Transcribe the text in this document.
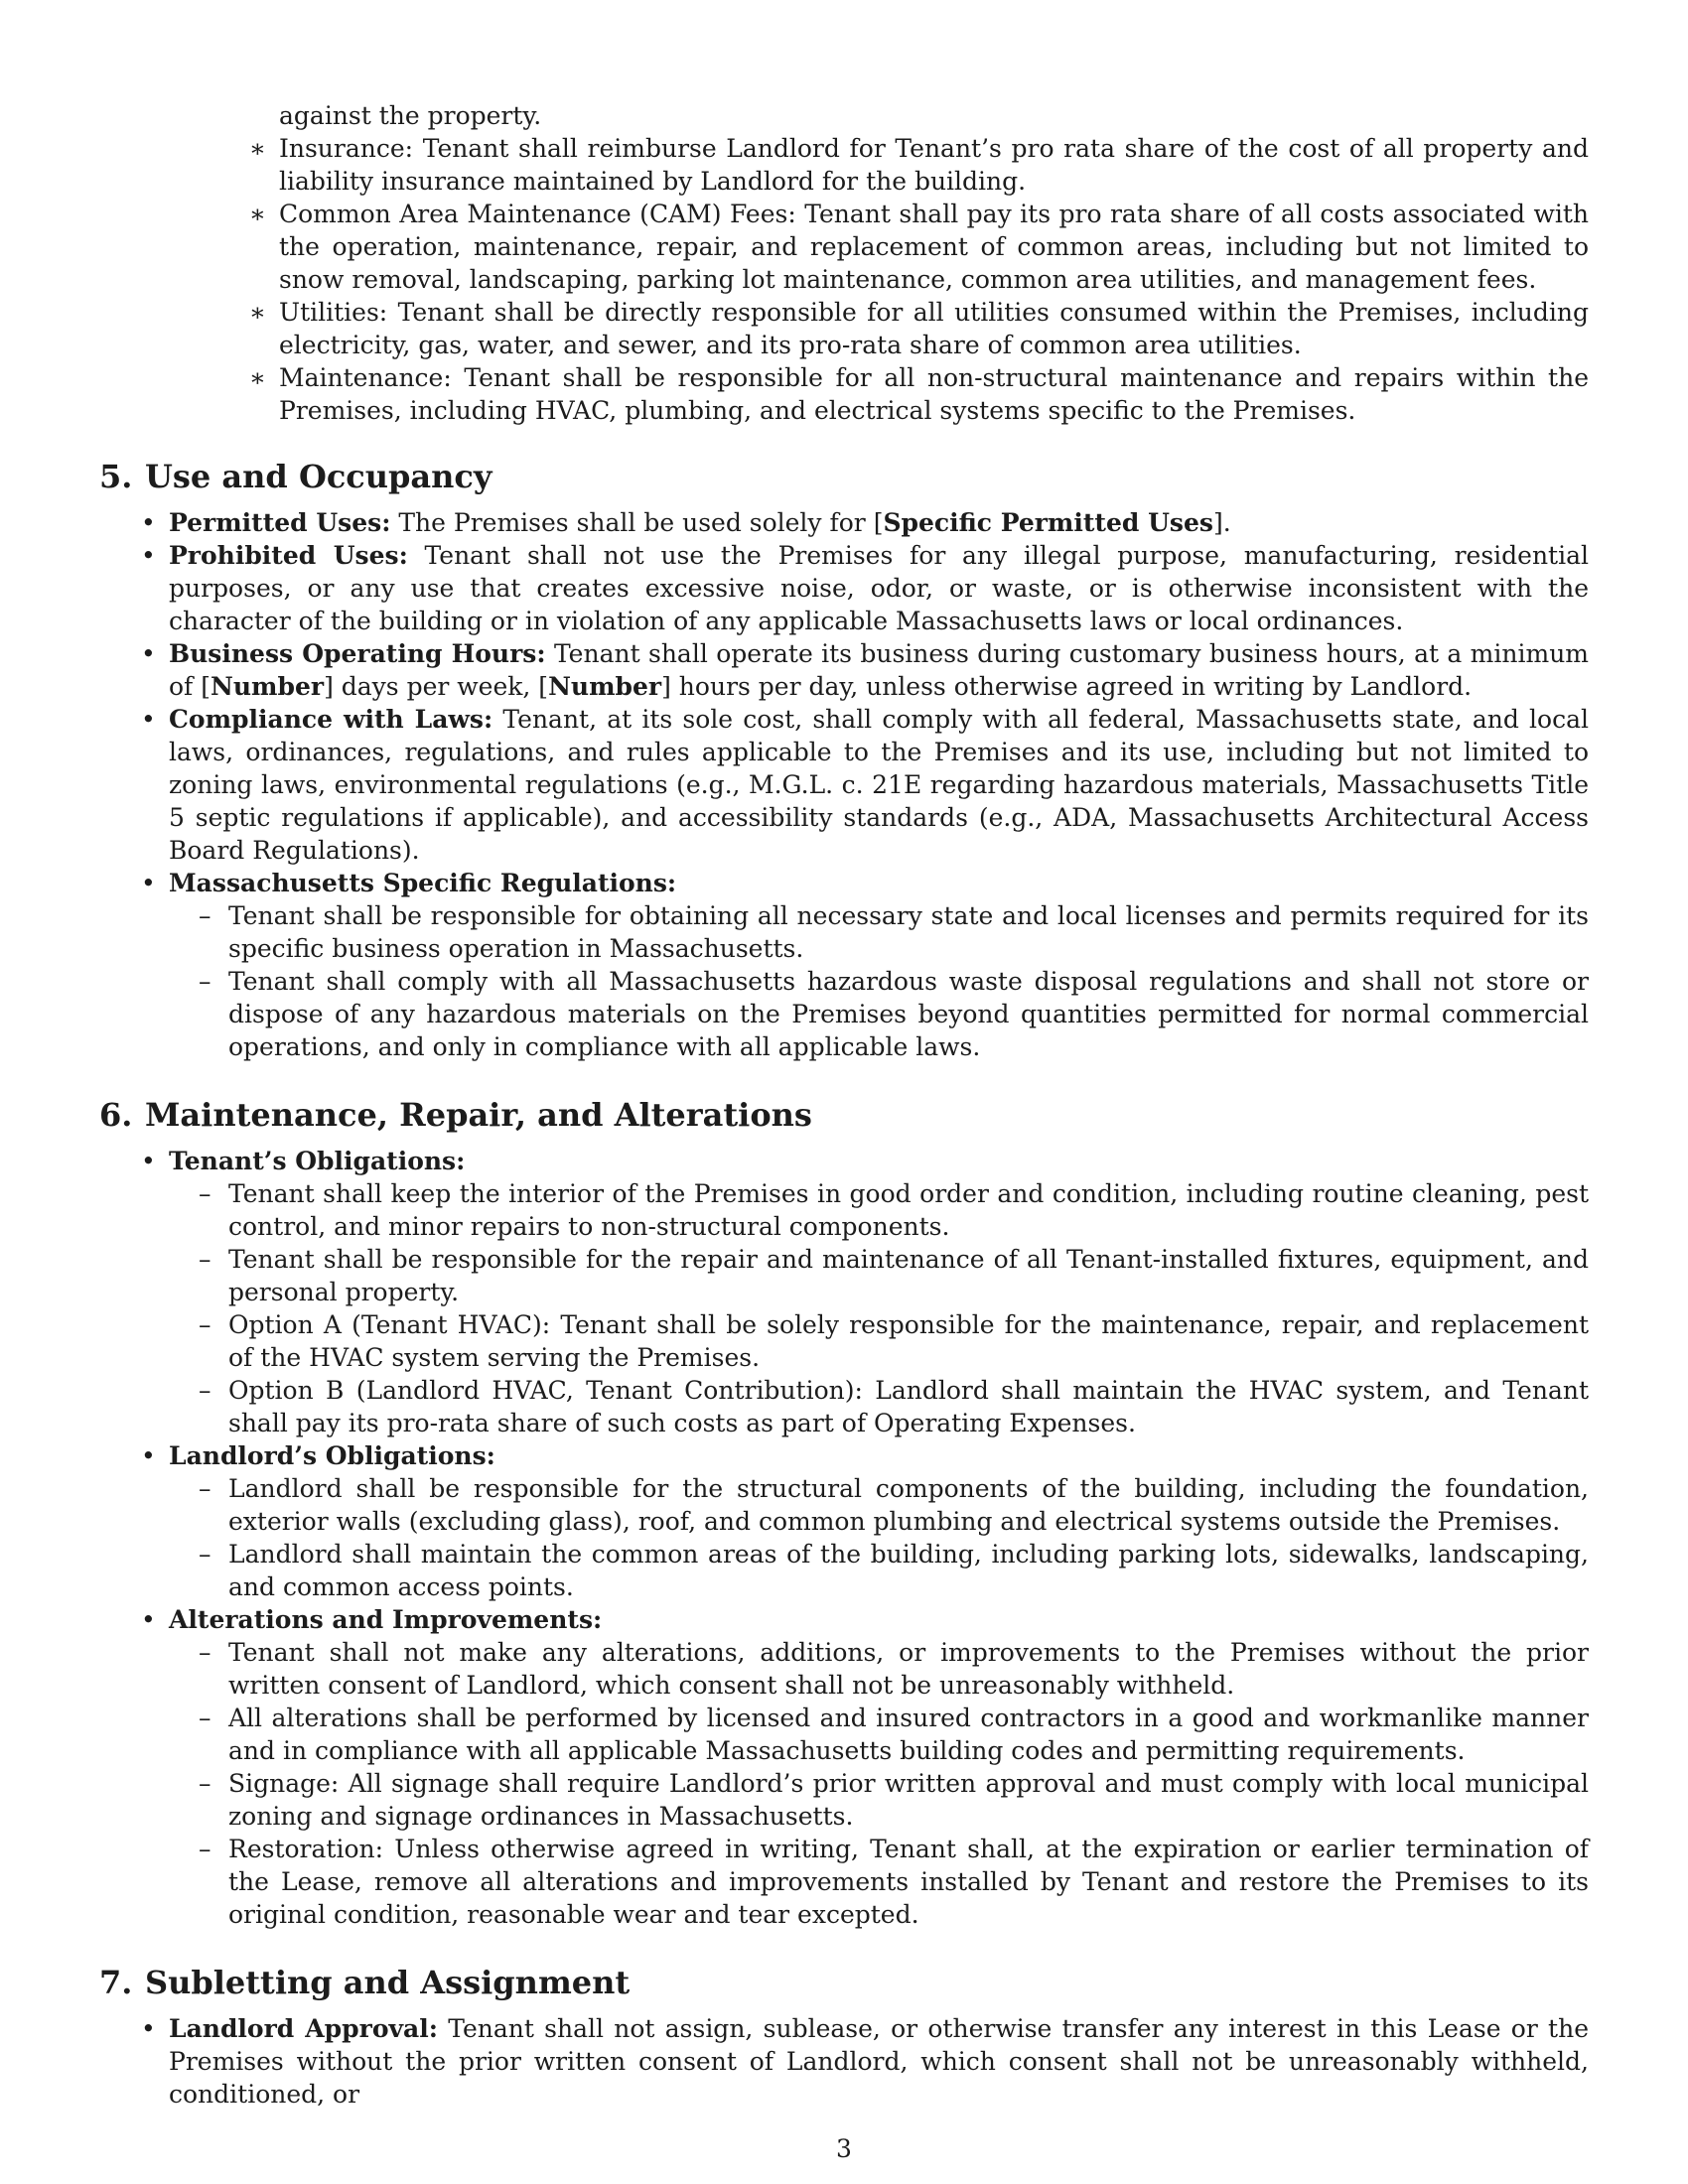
against the property.

∗ Insurance: Tenant shall reimburse Landlord for Tenant’s pro rata share of the cost of all property and liability insurance maintained by Landlord for the building.
∗ Common Area Maintenance (CAM) Fees: Tenant shall pay its pro rata share of all costs associated with the operation, maintenance, repair, and replacement of common areas, including but not limited to snow removal, landscaping, parking lot maintenance, common area utilities, and management fees.
∗ Utilities: Tenant shall be directly responsible for all utilities consumed within the Premises, including electricity, gas, water, and sewer, and its pro-rata share of common area utilities.
∗ Maintenance: Tenant shall be responsible for all non-structural maintenance and repairs within the Premises, including HVAC, plumbing, and electrical systems specific to the Premises.
5. Use and Occupancy
• Permitted Uses: The Premises shall be used solely for [Specific Permitted Uses].
• Prohibited Uses: Tenant shall not use the Premises for any illegal purpose, manufacturing, residential purposes, or any use that creates excessive noise, odor, or waste, or is otherwise inconsistent with the character of the building or in violation of any applicable Massachusetts laws or local ordinances.
• Business Operating Hours: Tenant shall operate its business during customary business hours, at a minimum of [Number] days per week, [Number] hours per day, unless otherwise agreed in writing by Landlord.
• Compliance with Laws: Tenant, at its sole cost, shall comply with all federal, Massachusetts state, and local laws, ordinances, regulations, and rules applicable to the Premises and its use, including but not limited to zoning laws, environmental regulations (e.g., M.G.L. c. 21E regarding hazardous materials, Massachusetts Title 5 septic regulations if applicable), and accessibility standards (e.g., ADA, Massachusetts Architectural Access Board Regulations).
• Massachusetts Specific Regulations:
– Tenant shall be responsible for obtaining all necessary state and local licenses and permits required for its specific business operation in Massachusetts.
– Tenant shall comply with all Massachusetts hazardous waste disposal regulations and shall not store or dispose of any hazardous materials on the Premises beyond quantities permitted for normal commercial operations, and only in compliance with all applicable laws.
6. Maintenance, Repair, and Alterations
• Tenant’s Obligations:
– Tenant shall keep the interior of the Premises in good order and condition, including routine cleaning, pest control, and minor repairs to non-structural components.
– Tenant shall be responsible for the repair and maintenance of all Tenant-installed fixtures, equipment, and personal property.
– Option A (Tenant HVAC): Tenant shall be solely responsible for the maintenance, repair, and replacement of the HVAC system serving the Premises.
– Option B (Landlord HVAC, Tenant Contribution): Landlord shall maintain the HVAC system, and Tenant shall pay its pro-rata share of such costs as part of Operating Expenses.
• Landlord’s Obligations:
– Landlord shall be responsible for the structural components of the building, including the foundation, exterior walls (excluding glass), roof, and common plumbing and electrical systems outside the Premises.
– Landlord shall maintain the common areas of the building, including parking lots, sidewalks, landscaping, and common access points.
• Alterations and Improvements:
– Tenant shall not make any alterations, additions, or improvements to the Premises without the prior written consent of Landlord, which consent shall not be unreasonably withheld.
– All alterations shall be performed by licensed and insured contractors in a good and workmanlike manner and in compliance with all applicable Massachusetts building codes and permitting requirements.
– Signage: All signage shall require Landlord’s prior written approval and must comply with local municipal zoning and signage ordinances in Massachusetts.
– Restoration: Unless otherwise agreed in writing, Tenant shall, at the expiration or earlier termination of the Lease, remove all alterations and improvements installed by Tenant and restore the Premises to its original condition, reasonable wear and tear excepted.
7. Subletting and Assignment
• Landlord Approval: Tenant shall not assign, sublease, or otherwise transfer any interest in this Lease or the Premises without the prior written consent of Landlord, which consent shall not be unreasonably withheld, conditioned, or
3
